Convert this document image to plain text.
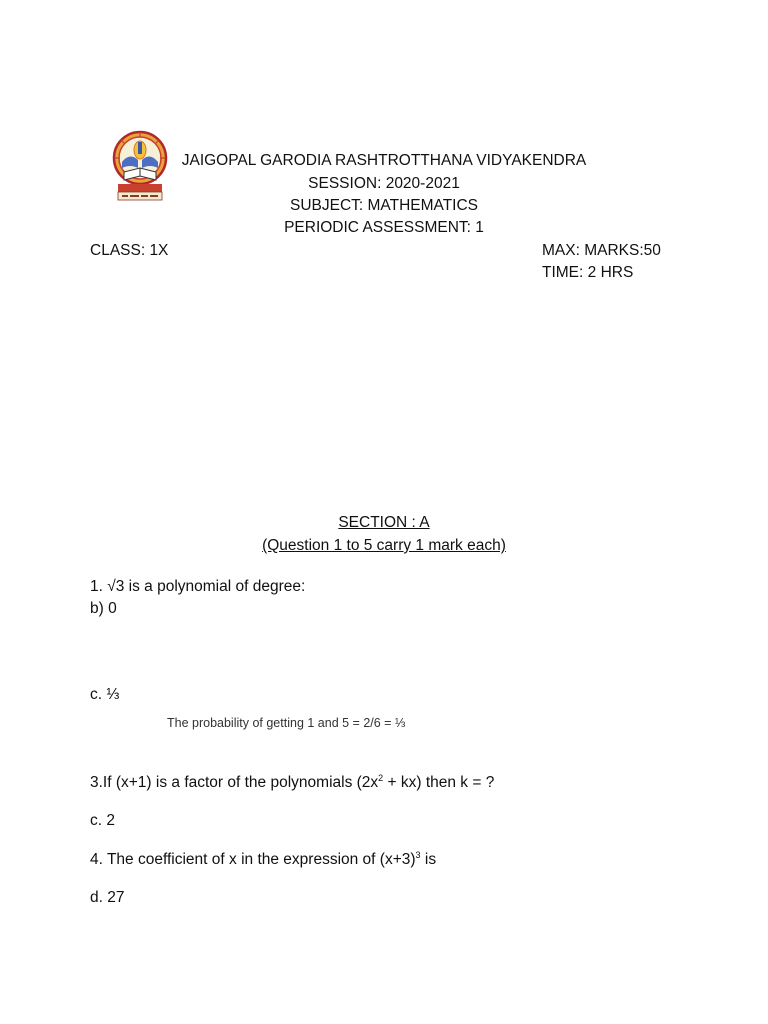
JAIGOPAL GARODIA RASHTROTTHANA VIDYAKENDRA
SESSION: 2020-2021
SUBJECT: MATHEMATICS
PERIODIC ASSESSMENT: 1
CLASS: 1X	MAX: MARKS:50
TIME: 2 HRS
SECTION : A
(Question 1 to 5 carry 1 mark each)
1. √3 is a polynomial of degree:
b) 0
c. ⅓
The probability of getting 1 and 5 = 2/6 = ⅓
3.If (x+1) is a factor of the polynomials $(2x^2 + kx)$ then k = ?
c. 2
4. The coefficient of x in the expression of $(x+3)^3$ is
d. 27
